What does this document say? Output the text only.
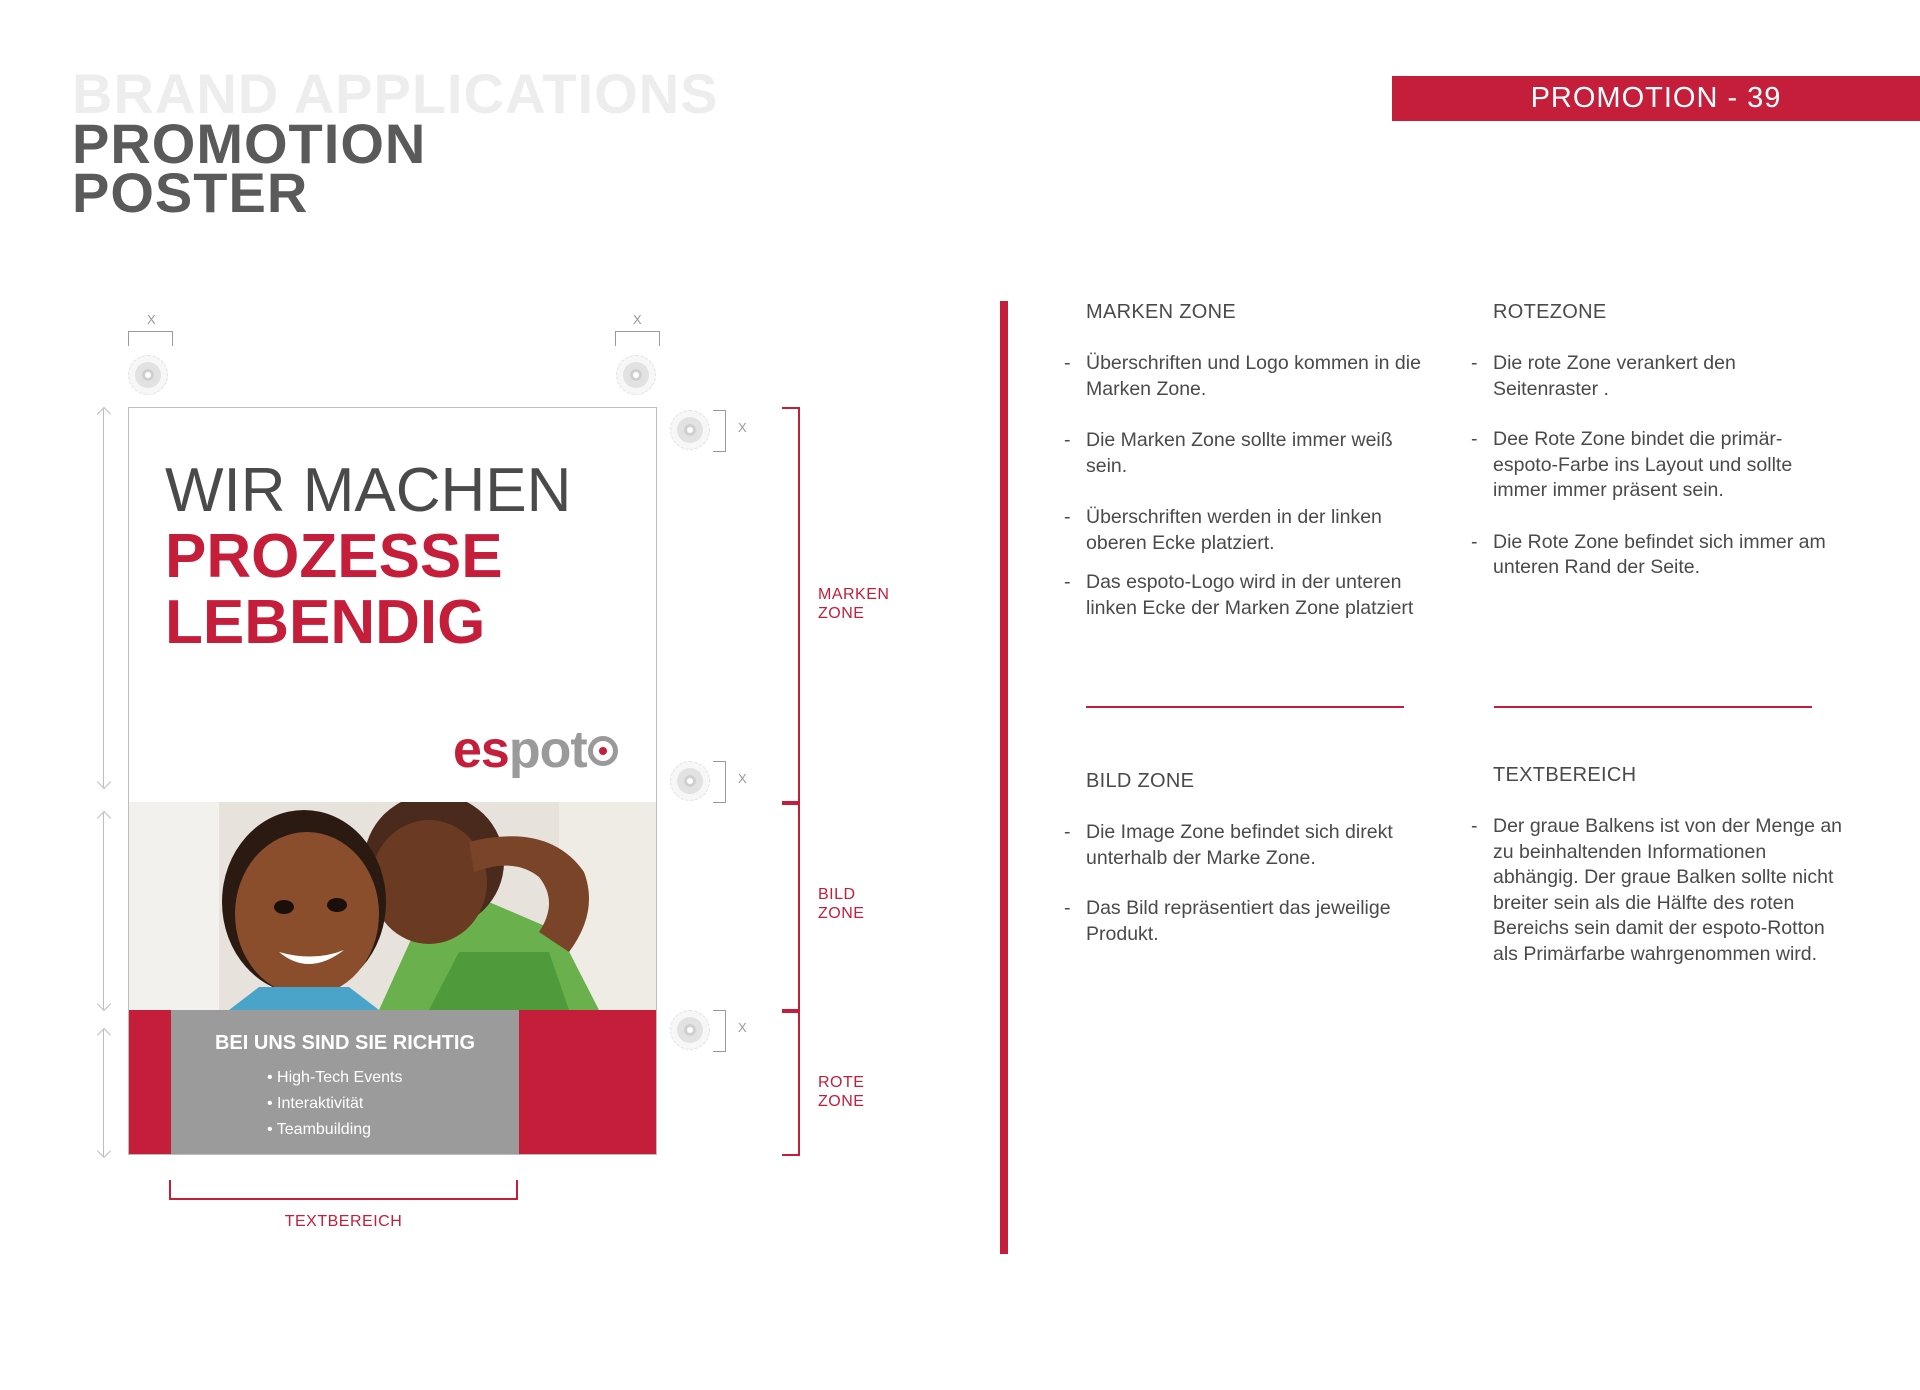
BRAND APPLICATIONS
PROMOTION
POSTER
PROMOTION - 39
X	X
X
X
X
WIR MACHEN
PROZESSE
LEBENDIG
espot
BEI UNS SIND SIE RICHTIG
• High-Tech Events
• Interaktivität
• Teambuilding
MARKEN
ZONE
BILD
ZONE
ROTE
ZONE
TEXTBEREICH
MARKEN ZONE
- Überschriften und Logo kommen in die Marken Zone.
- Die Marken Zone sollte immer weiß sein.
- Überschriften werden in der linken oberen Ecke platziert.
- Das espoto-Logo wird in der unteren linken Ecke der Marken Zone platziert
ROTEZONE
- Die rote Zone verankert den Seitenraster .
- Dee Rote Zone bindet die primär-espoto-Farbe ins Layout und sollte immer immer präsent sein.
- Die Rote Zone befindet sich immer am unteren Rand der Seite.
BILD ZONE
- Die Image Zone befindet sich direkt unterhalb der Marke Zone.
- Das Bild repräsentiert das jeweilige Produkt.
TEXTBEREICH
- Der graue Balkens ist von der Menge an zu beinhaltenden Informationen abhängig. Der graue Balken sollte nicht breiter sein als die Hälfte des roten Bereichs sein damit der espoto-Rotton als Primärfarbe wahrgenommen wird.
